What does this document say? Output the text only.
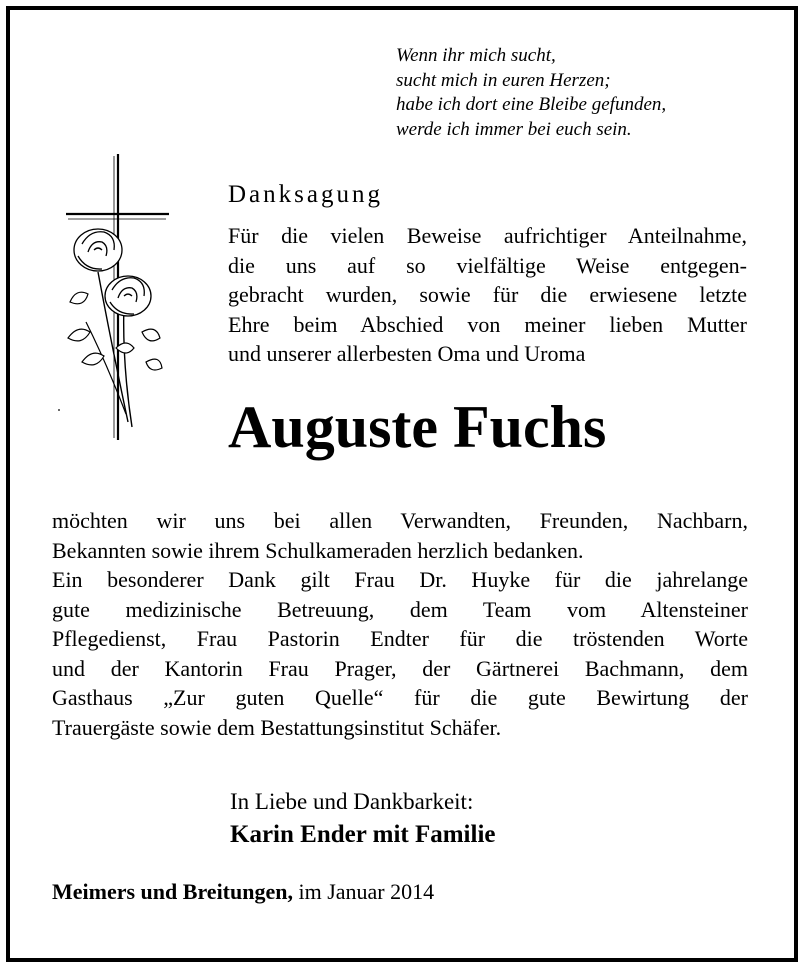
Wenn ihr mich sucht,
sucht mich in euren Herzen;
habe ich dort eine Bleibe gefunden,
werde ich immer bei euch sein.
Danksagung
Für die vielen Beweise aufrichtiger Anteilnahme,
die uns auf so vielfältige Weise entgegen-
gebracht wurden, sowie für die erwiesene letzte
Ehre beim Abschied von meiner lieben Mutter
und unserer allerbesten Oma und Uroma
Auguste Fuchs
möchten wir uns bei allen Verwandten, Freunden, Nachbarn,
Bekannten sowie ihrem Schulkameraden herzlich bedanken.
Ein besonderer Dank gilt Frau Dr. Huyke für die jahrelange
gute medizinische Betreuung, dem Team vom Altensteiner
Pflegedienst, Frau Pastorin Endter für die tröstenden Worte
und der Kantorin Frau Prager, der Gärtnerei Bachmann, dem
Gasthaus „Zur guten Quelle“ für die gute Bewirtung der
Trauergäste sowie dem Bestattungsinstitut Schäfer.
In Liebe und Dankbarkeit:
Karin Ender mit Familie
Meimers und Breitungen, im Januar 2014
